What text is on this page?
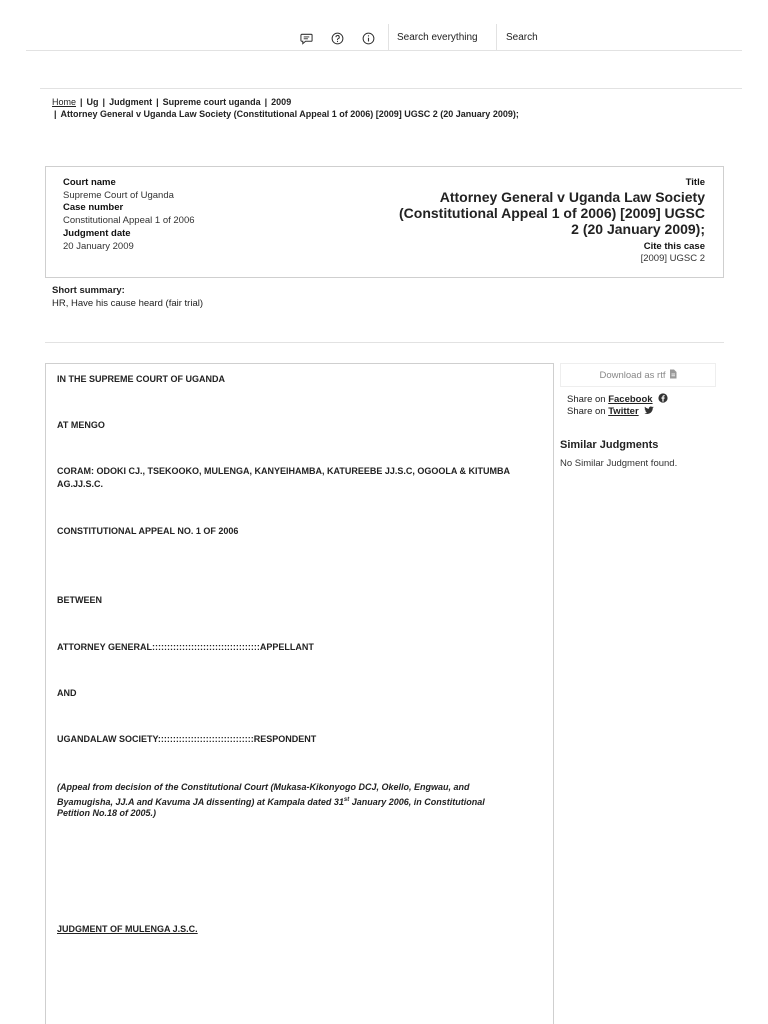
Search everything
Search
Home | Ug | Judgment | Supreme court uganda | 2009
| Attorney General v Uganda Law Society (Constitutional Appeal 1 of 2006) [2009] UGSC 2 (20 January 2009);
Court name
Supreme Court of Uganda
Case number
Constitutional Appeal 1 of 2006
Judgment date
20 January 2009
Title
Attorney General v Uganda Law Society
(Constitutional Appeal 1 of 2006) [2009] UGSC
2 (20 January 2009);
Cite this case
[2009] UGSC 2
Short summary:
HR, Have his cause heard (fair trial)
IN THE SUPREME COURT OF UGANDA
AT MENGO
CORAM: ODOKI CJ., TSEKOOKO, MULENGA, KANYEIHAMBA, KATUREEBE JJ.S.C, OGOOLA & KITUMBA
AG.JJ.S.C.
CONSTITUTIONAL APPEAL NO. 1 OF 2006
BETWEEN
ATTORNEY GENERAL::::::::::::::::::::::::::::::::::::APPELLANT
AND
UGANDALAW SOCIETY::::::::::::::::::::::::::::::::RESPONDENT
(Appeal from decision of the Constitutional Court (Mukasa-Kikonyogo DCJ, Okello, Engwau, and
Byamugisha, JJ.A and Kavuma JA dissenting) at Kampala dated 31st January 2006, in Constitutional
Petition No.18 of 2005.)
JUDGMENT OF MULENGA J.S.C.
Download as rtf
Share on Facebook
Share on Twitter
Similar Judgments
No Similar Judgment found.
